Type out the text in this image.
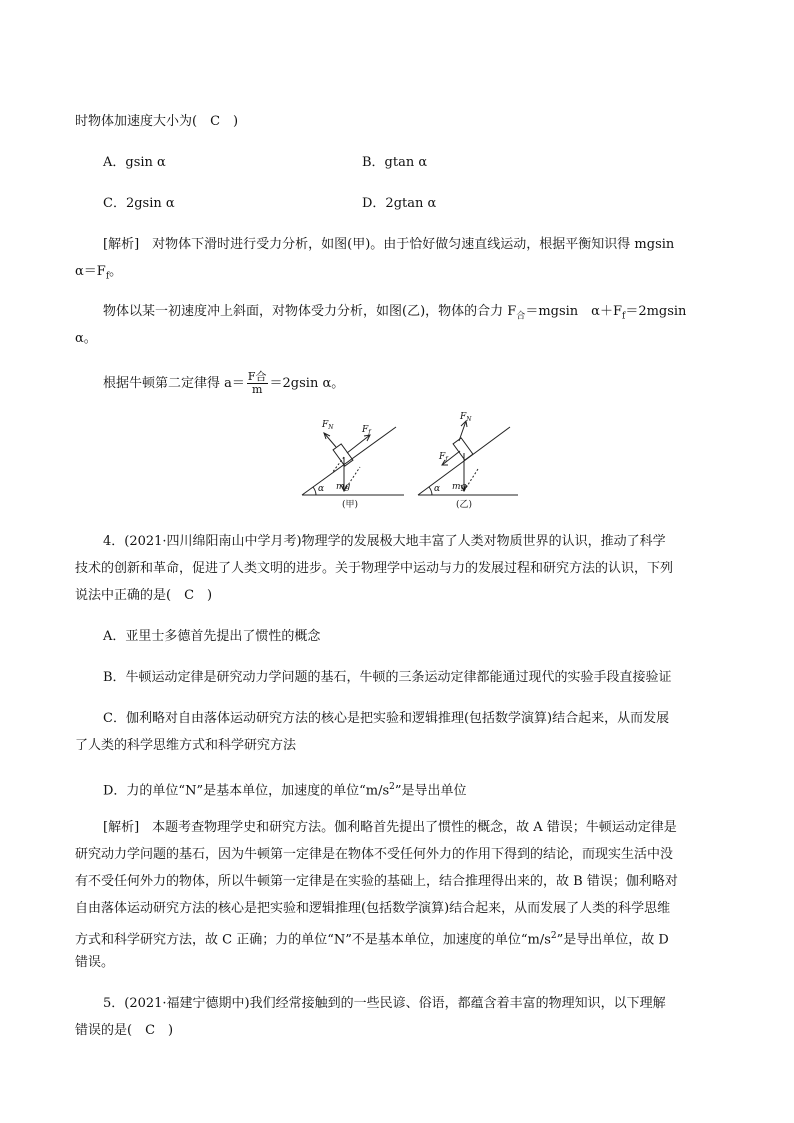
时物体加速度大小为(　C　)
A．gsin α	B．gtan α
C．2gsin α	D．2gtan α
[解析]　对物体下滑时进行受力分析，如图(甲)。由于恰好做匀速直线运动，根据平衡知识得 mgsin
$\alpha=F_f$。
物体以某一初速度冲上斜面，对物体受力分析，如图(乙)，物体的合力 $F_合=mgsin$　$\alpha+F_f=2mgsin$
α。
根据牛顿第二定律得 $a= \frac{\text{F合}}{m} =2gsin$ α。
$F_N$	$F_f$
α mg
$F_N$
$F_f$
α mg
(甲)	(乙)
4．(2021·四川绵阳南山中学月考)物理学的发展极大地丰富了人类对物质世界的认识，推动了科学
技术的创新和革命，促进了人类文明的进步。关于物理学中运动与力的发展过程和研究方法的认识，下列
说法中正确的是(　C　)
A．亚里士多德首先提出了惯性的概念
B．牛顿运动定律是研究动力学问题的基石，牛顿的三条运动定律都能通过现代的实验手段直接验证
C．伽利略对自由落体运动研究方法的核心是把实验和逻辑推理(包括数学演算)结合起来，从而发展
了人类的科学思维方式和科学研究方法
D．力的单位“N”是基本单位，加速度的单位“$m/s^2$”是导出单位
[解析]　本题考查物理学史和研究方法。伽利略首先提出了惯性的概念，故 A 错误；牛顿运动定律是
研究动力学问题的基石，因为牛顿第一定律是在物体不受任何外力的作用下得到的结论，而现实生活中没
有不受任何外力的物体，所以牛顿第一定律是在实验的基础上，结合推理得出来的，故 B 错误；伽利略对
自由落体运动研究方法的核心是把实验和逻辑推理(包括数学演算)结合起来，从而发展了人类的科学思维
方式和科学研究方法，故 C 正确；力的单位“N”不是基本单位，加速度的单位“$m/s^2$”是导出单位，故 D
错误。
5．(2021·福建宁德期中)我们经常接触到的一些民谚、俗语，都蕴含着丰富的物理知识，以下理解
错误的是(　C　)
